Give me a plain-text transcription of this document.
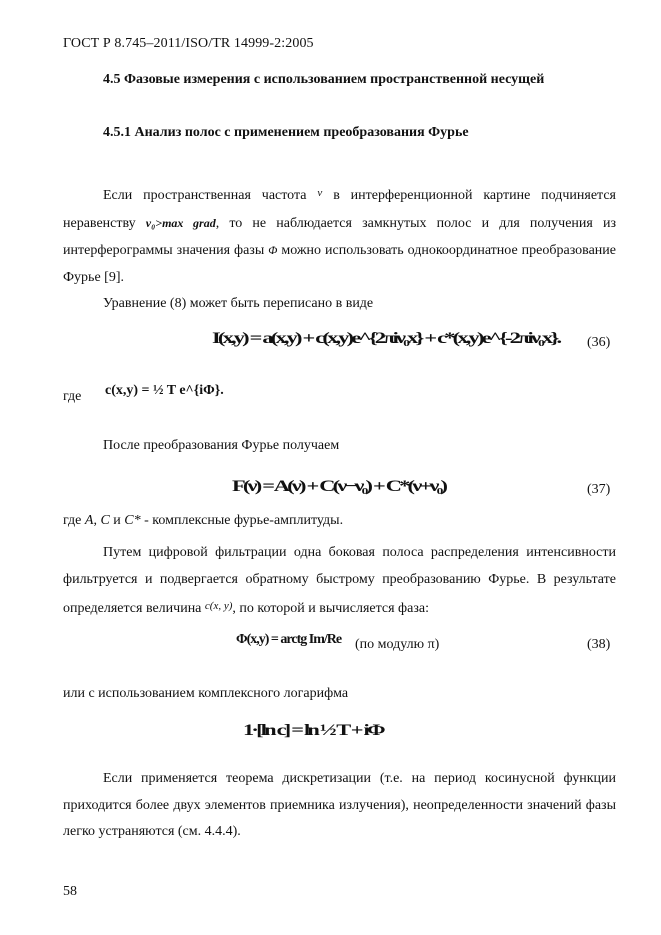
ГОСТ Р 8.745–2011/ISO/TR 14999-2:2005
4.5 Фазовые измерения с использованием пространственной несущей
4.5.1 Анализ полос с применением преобразования Фурье
Если пространственная частота $^\nu$ в интерференционной картине подчиняется неравенству ν₀>max grad, то не наблюдается замкнутых полос и для получения из интерферограммы значения фазы Φ можно использовать однокоординатное преобразование Фурье [9].
Уравнение (8) может быть переписано в виде
I(x,y) = a(x,y) + c(x,y)e^{2πiν₀x} + c*(x,y)e^{-2πiν₀x}. (36)
где c(x,y) = ½ T e^{iΦ}.
После преобразования Фурье получаем
F(ν) = A(ν) + C(ν−ν₀) + C*(ν+ν₀)	(37)
где A, C и C* - комплексные фурье-амплитуды.
Путем цифровой фильтрации одна боковая полоса распределения интенсивности фильтруется и подвергается обратному быстрому преобразованию Фурье. В результате определяется величина $^{c(x, y)}$, по которой и вычисляется фаза:
Φ(x,y) = arctg Im/Re (по модулю π)	(38)
или с использованием комплексного логарифма
1·[ln c] = ln ½ T + iΦ
Если применяется теорема дискретизации (т.е. на период косинусной функции приходится более двух элементов приемника излучения), неопределенности значений фазы легко устраняются (см. 4.4.4).
58
